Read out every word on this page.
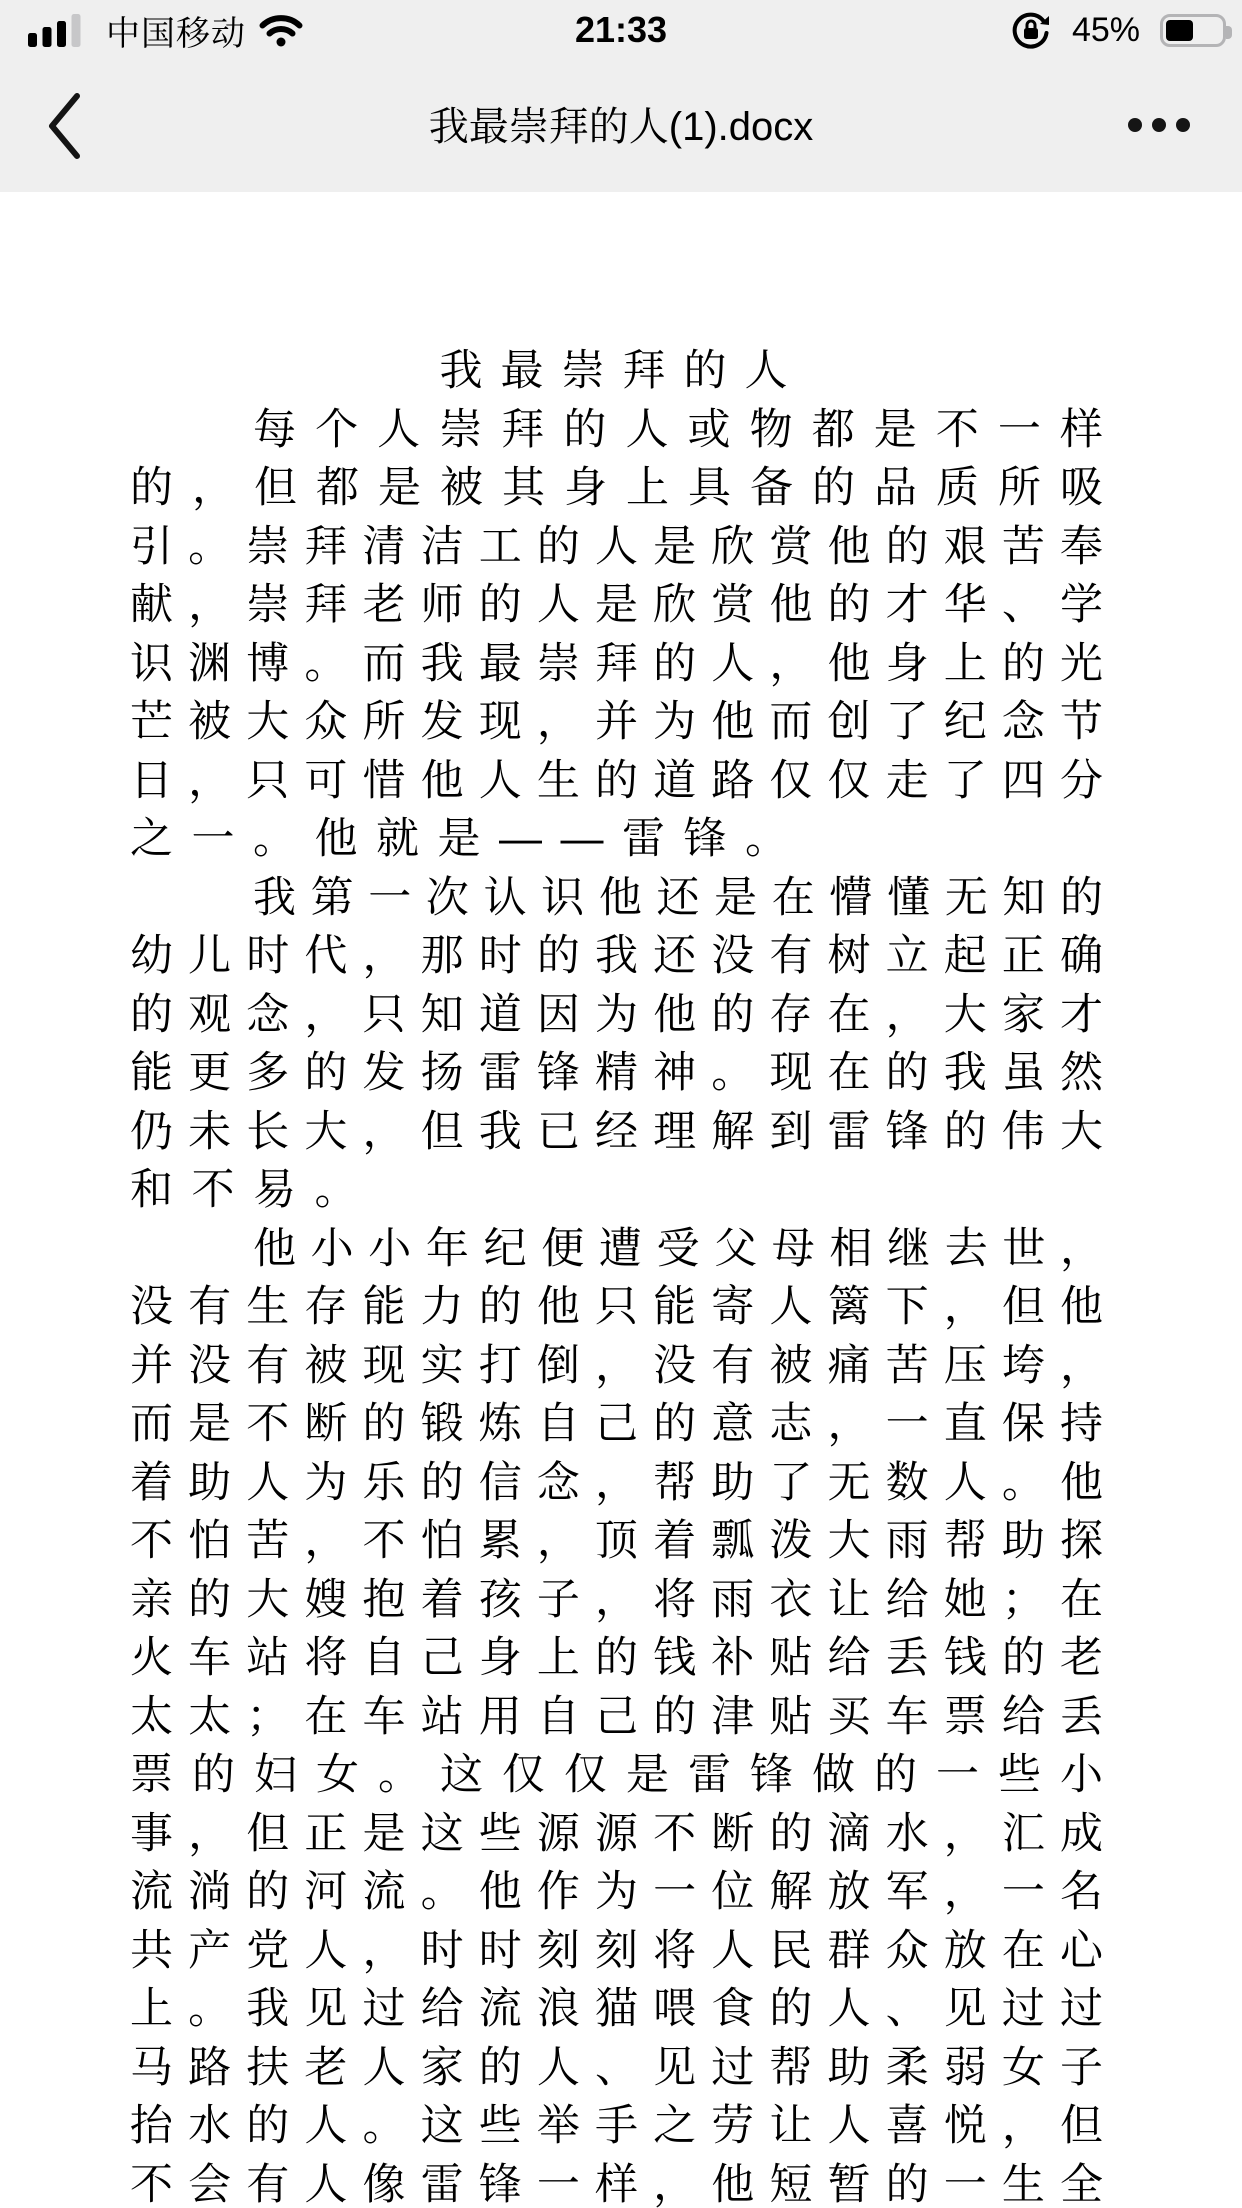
中国移动	21:33	45%
我最崇拜的人(1).docx
我最崇拜的人
每个人崇拜的人或物都是不一样
的，但都是被其身上具备的品质所吸
引。崇拜清洁工的人是欣赏他的艰苦奉
献，崇拜老师的人是欣赏他的才华、学
识渊博。而我最崇拜的人，他身上的光
芒被大众所发现，并为他而创了纪念节
日，只可惜他人生的道路仅仅走了四分
之一。他就是——雷锋。
我第一次认识他还是在懵懂无知的
幼儿时代，那时的我还没有树立起正确
的观念，只知道因为他的存在，大家才
能更多的发扬雷锋精神。现在的我虽然
仍未长大，但我已经理解到雷锋的伟大
和不易。
他小小年纪便遭受父母相继去世，
没有生存能力的他只能寄人篱下，但他
并没有被现实打倒，没有被痛苦压垮，
而是不断的锻炼自己的意志，一直保持
着助人为乐的信念，帮助了无数人。他
不怕苦，不怕累，顶着瓢泼大雨帮助探
亲的大嫂抱着孩子，将雨衣让给她；在
火车站将自己身上的钱补贴给丢钱的老
太太；在车站用自己的津贴买车票给丢
票的妇女。这仅仅是雷锋做的一些小
事，但正是这些源源不断的滴水，汇成
流淌的河流。他作为一位解放军，一名
共产党人，时时刻刻将人民群众放在心
上。我见过给流浪猫喂食的人、见过过
马路扶老人家的人、见过帮助柔弱女子
抬水的人。这些举手之劳让人喜悦，但
不会有人像雷锋一样，他短暂的一生全
